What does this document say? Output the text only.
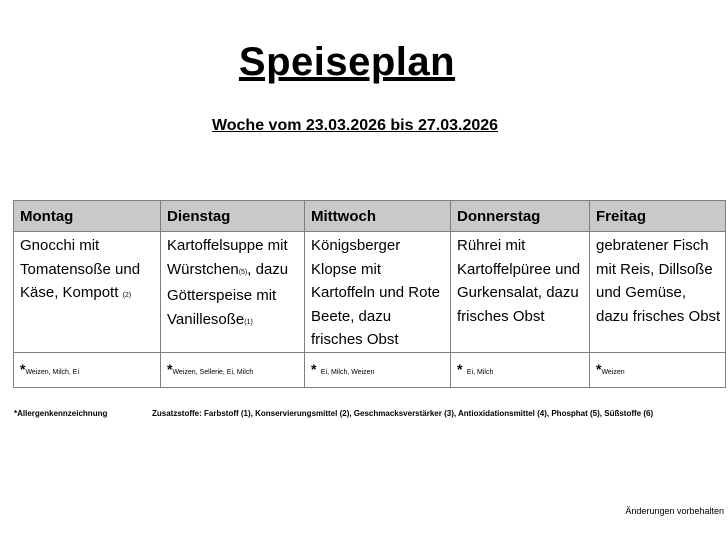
Speiseplan
Woche vom 23.03.2026 bis 27.03.2026
Montag	Dienstag	Mittwoch	Donnerstag	Freitag
Gnocchi mit Tomatensoße und Käse, Kompott (2)	Kartoffelsuppe mit Würstchen(5), dazu Götterspeise mit Vanillesoße(1)	Königsberger Klopse mit Kartoffeln und Rote Beete, dazu frisches Obst	Rührei mit Kartoffelpüree und Gurkensalat, dazu frisches Obst	gebratener Fisch mit Reis, Dillsoße und Gemüse, dazu frisches Obst
*Weizen, Milch, Ei	*Weizen, Sellerie, Ei, Milch	* Ei, Milch, Weizen	* Ei, Milch	*Weizen
*Allergenkennzeichnung	Zusatzstoffe: Farbstoff (1), Konservierungsmittel (2), Geschmacksverstärker (3), Antioxidationsmittel (4), Phosphat (5), Süßstoffe (6)
Änderungen vorbehalten
